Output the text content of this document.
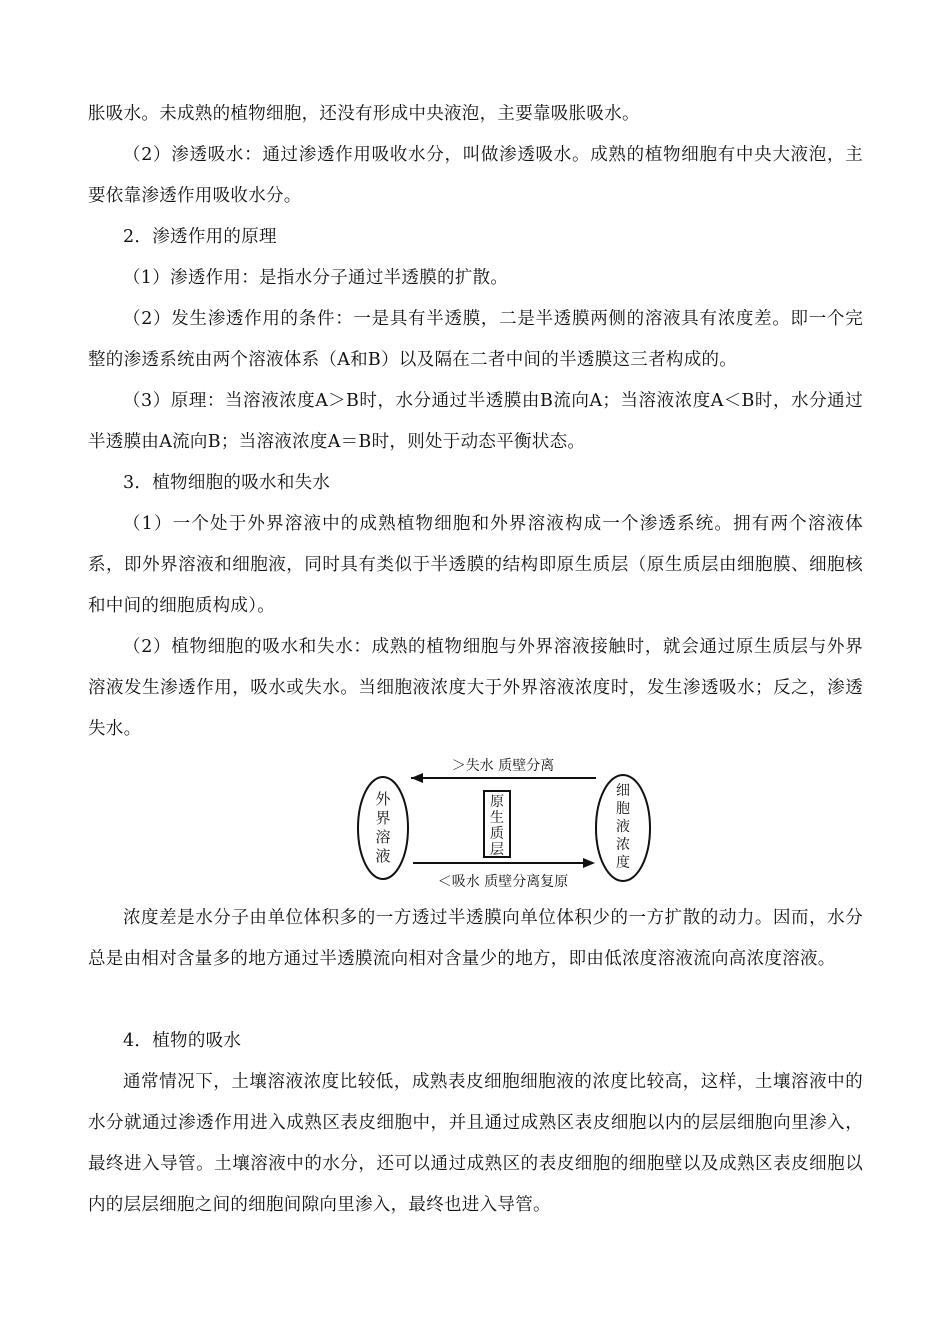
胀吸水。未成熟的植物细胞，还没有形成中央液泡，主要靠吸胀吸水。

（2）渗透吸水：通过渗透作用吸收水分，叫做渗透吸水。成熟的植物细胞有中央大液泡，主要依靠渗透作用吸收水分。

2．渗透作用的原理

（1）渗透作用：是指水分子通过半透膜的扩散。

（2）发生渗透作用的条件：一是具有半透膜，二是半透膜两侧的溶液具有浓度差。即一个完整的渗透系统由两个溶液体系（A和B）以及隔在二者中间的半透膜这三者构成的。

（3）原理：当溶液浓度A＞B时，水分通过半透膜由B流向A；当溶液浓度A＜B时，水分通过半透膜由A流向B；当溶液浓度A＝B时，则处于动态平衡状态。

3．植物细胞的吸水和失水

（1）一个处于外界溶液中的成熟植物细胞和外界溶液构成一个渗透系统。拥有两个溶液体系，即外界溶液和细胞液，同时具有类似于半透膜的结构即原生质层（原生质层由细胞膜、细胞核和中间的细胞质构成）。

（2）植物细胞的吸水和失水：成熟的植物细胞与外界溶液接触时，就会通过原生质层与外界溶液发生渗透作用，吸水或失水。当细胞液浓度大于外界溶液浓度时，发生渗透吸水；反之，渗透失水。

＞失水 质壁分离
＜吸水 质壁分离复原
外
界
溶
液
原
生
质
层
细
胞
液
浓
度

浓度差是水分子由单位体积多的一方透过半透膜向单位体积少的一方扩散的动力。因而，水分总是由相对含量多的地方通过半透膜流向相对含量少的地方，即由低浓度溶液流向高浓度溶液。

4．植物的吸水

通常情况下，土壤溶液浓度比较低，成熟表皮细胞细胞液的浓度比较高，这样，土壤溶液中的水分就通过渗透作用进入成熟区表皮细胞中，并且通过成熟区表皮细胞以内的层层细胞向里渗入，最终进入导管。土壤溶液中的水分，还可以通过成熟区的表皮细胞的细胞壁以及成熟区表皮细胞以内的层层细胞之间的细胞间隙向里渗入，最终也进入导管。
